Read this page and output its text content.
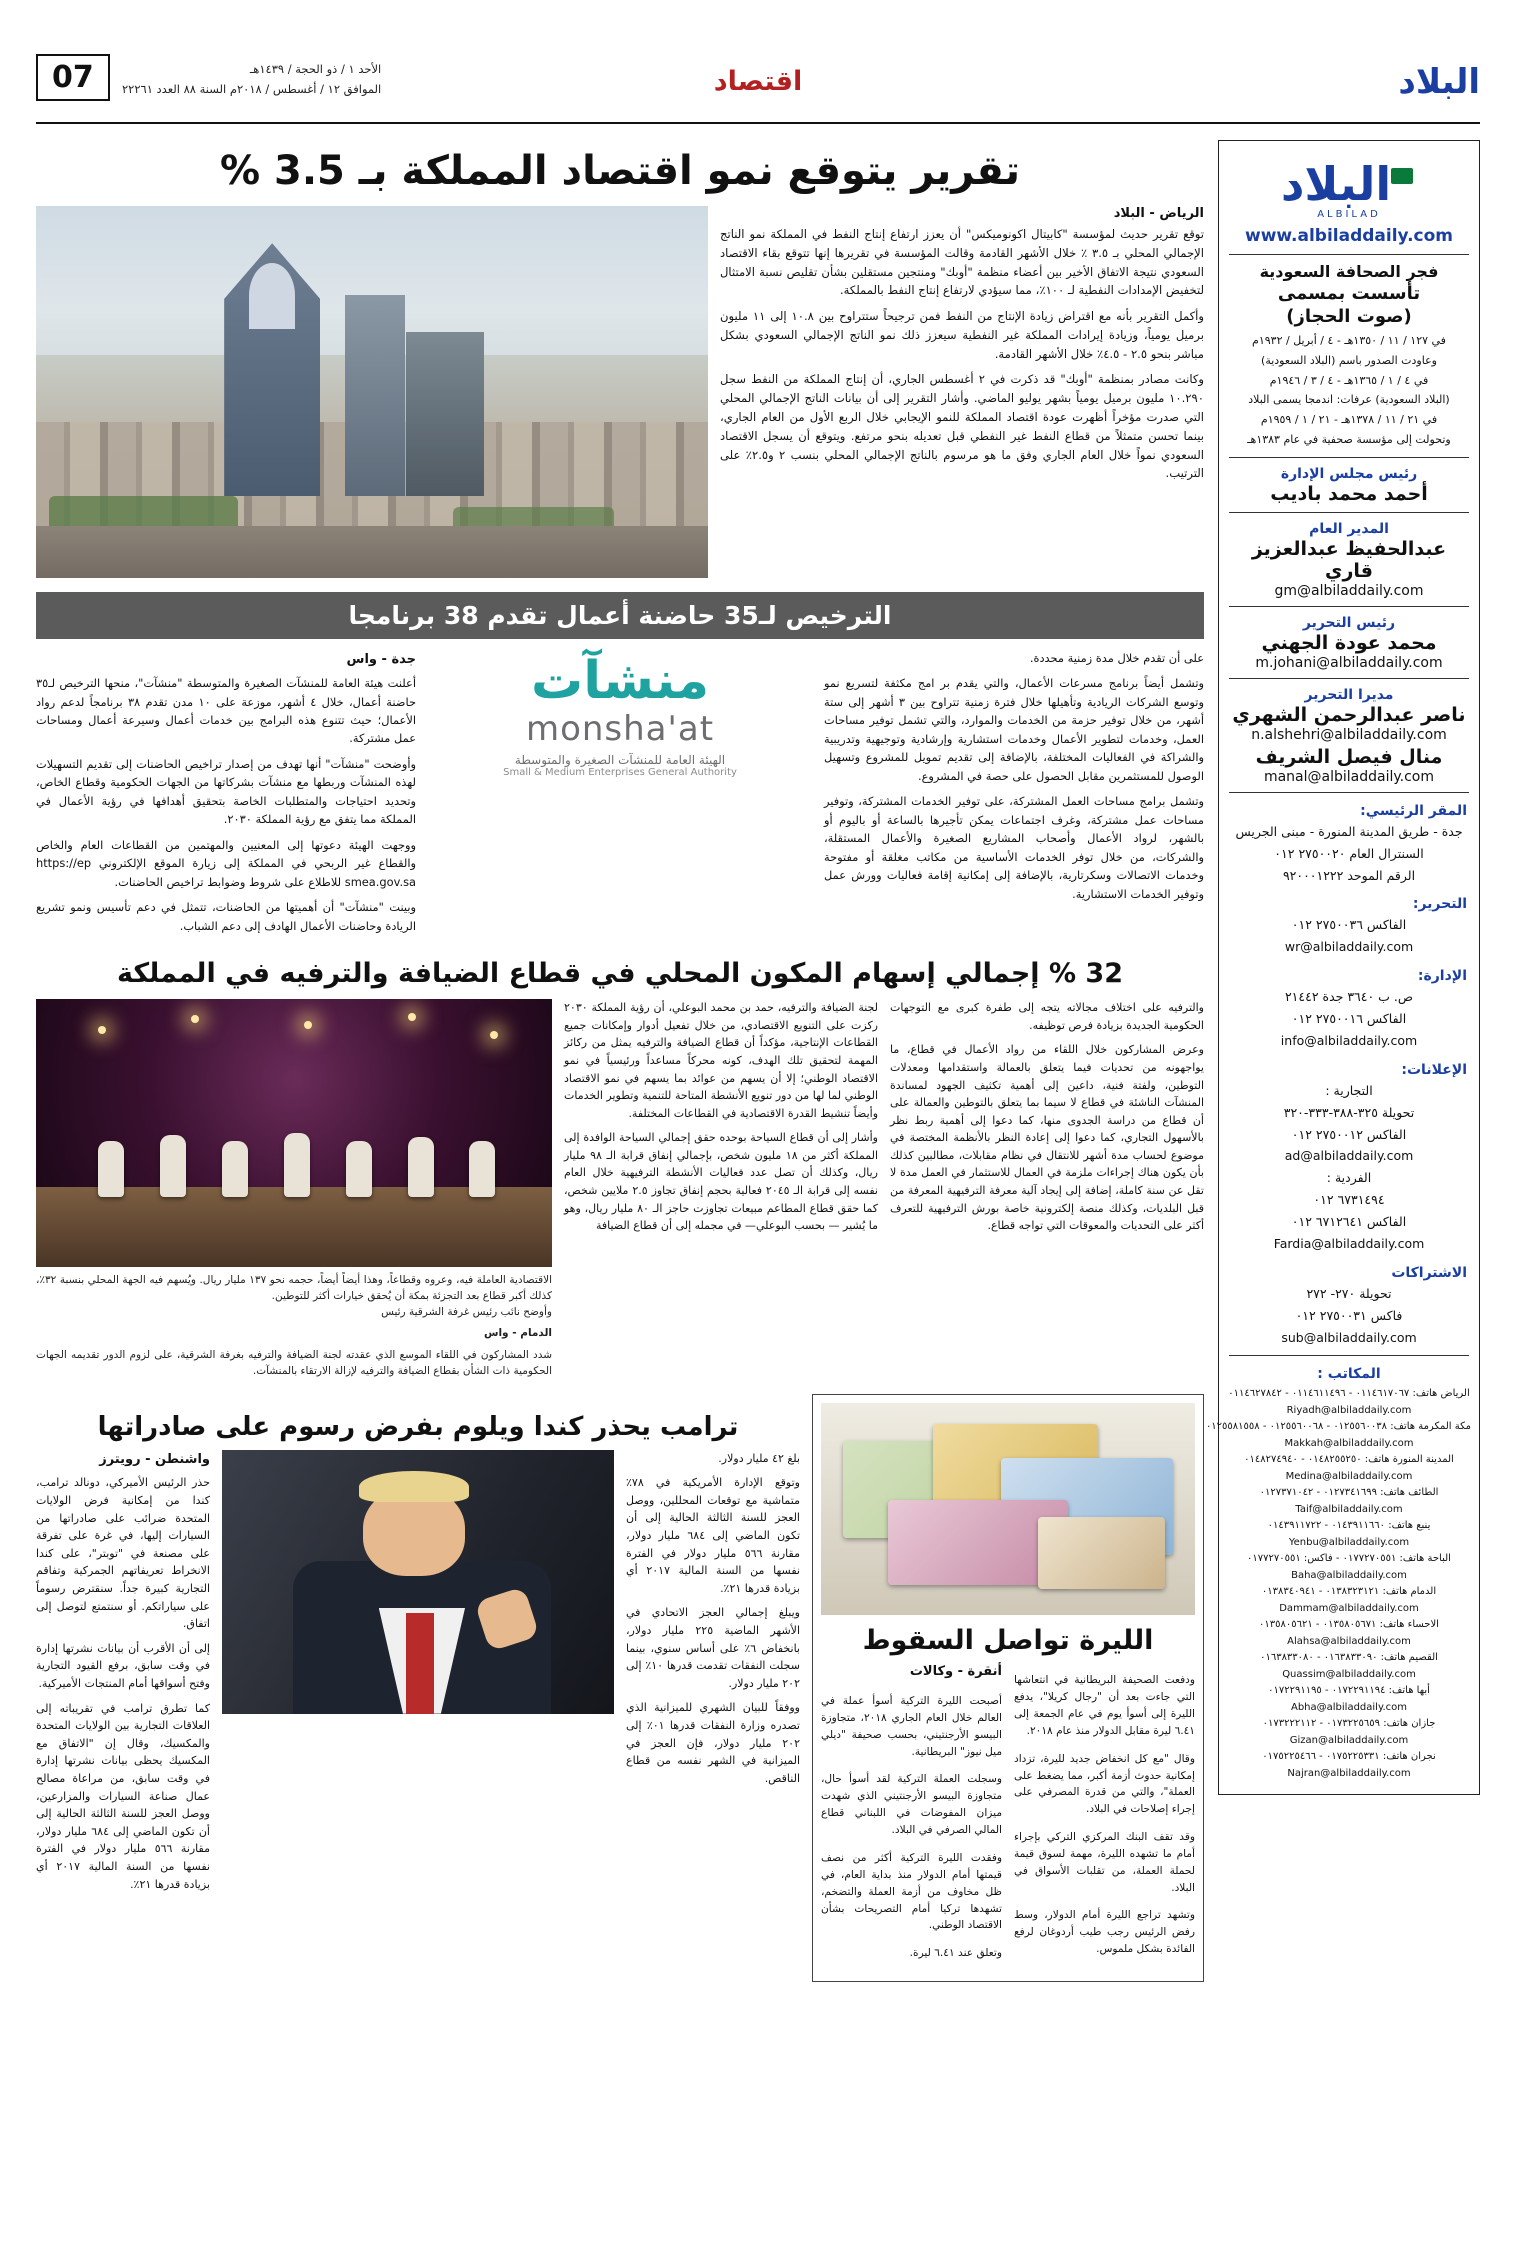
07	الأحد ١ / ذو الحجة / ١٤٣٩هـ
الموافق ١٢ / أغسطس / ٢٠١٨م السنة ٨٨ العدد ٢٢٢٦١	اقتصاد	البلاد
البلاد
ALBILAD
www.albiladdaily.com
فجر الصحافة السعودية
تأسست بمسمى
(صوت الحجاز)
في ١٢٧ / ١١ / ١٣٥٠هـ - ٤ / أبريل / ١٩٣٢م
وعاودت الصدور باسم (البلاد السعودية)
في ٤ / ١ / ١٣٦٥هـ - ٤ / ٣ / ١٩٤٦م
(البلاد السعودية) عرفات: اندمجا يسمى البلاد
في ٢١ / ١١ / ١٣٧٨هـ - ٢١ / ١ / ١٩٥٩م
وتحولت إلى مؤسسة صحفية في عام ١٣٨٣هـ
رئيس مجلس الإدارة
أحمد محمد باديب
المدير العام
عبدالحفيظ عبدالعزيز قاري
gm@albiladdaily.com
رئيس التحرير
محمد عودة الجهني
m.johani@albiladdaily.com
مديرا التحرير
ناصر عبدالرحمن الشهري
n.alshehri@albiladdaily.com
منال فيصل الشريف
manal@albiladdaily.com
المقر الرئيسي:
جدة - طريق المدينة المنورة - مبنى الجريس
السنترال العام ٢٧٥٠٠٢٠ ٠١٢
الرقم الموحد ٩٢٠٠٠١٢٢٢
التحرير:
الفاكس ٢٧٥٠٠٣٦ ٠١٢
wr@albiladdaily.com
الإدارة:
ص. ب ٣٦٤٠ جدة ٢١٤٤٢
الفاكس ٢٧٥٠٠١٦ ٠١٢
info@albiladdaily.com
الإعلانات:
التجارية :
تحويلة ٣٢٥-٣٨٨-٣٣٣-٣٢٠
الفاكس ٢٧٥٠٠١٢ ٠١٢
ad@albiladdaily.com
الفردية :
٦٧٣١٤٩٤ ٠١٢
الفاكس ٦٧١٢٦٤١ ٠١٢
Fardia@albiladdaily.com
الاشتراكات
تحويلة ٢٧٠- ٢٧٢
فاكس ٢٧٥٠٠٣١ ٠١٢
sub@albiladdaily.com
المكاتب :
الرياض هاتف: ٠١١٤٦١٧٠٦٧ - ٠١١٤٦١١٤٩٦ - ٠١١٤٦٢٧٨٤٢
Riyadh@albiladdaily.com
مكة المكرمة هاتف: ٠١٢٥٥٦٠٠٣٨ - ٠١٢٥٥٦٠٠٦٨ - ٠١٢٥٥٨١٥٥٨
Makkah@albiladdaily.com
المدينة المنورة هاتف: ٠١٤٨٢٥٥٢٥٠ - ٠١٤٨٢٧٤٩٤٠
Medina@albiladdaily.com
الطائف هاتف: ٠١٢٧٣٤١٦٩٩ - ٠١٢٧٣٧١٠٤٢
Taif@albiladdaily.com
ينبع هاتف: ٠١٤٣٩١١٦٦٠ - ٠١٤٣٩١١٧٢٢
Yenbu@albiladdaily.com
الباحة هاتف: ٠١٧٧٢٧٠٥٥١ - فاكس: ٠١٧٧٢٧٠٥٥١
Baha@albiladdaily.com
الدمام هاتف: ٠١٣٨٣٢٣١٢١ - ٠١٣٨٣٤٠٩٤١
Dammam@albiladdaily.com
الاحساء هاتف: ٠١٣٥٨٠٥٦٧١ - ٠١٣٥٨٠٥٦٢١
Alahsa@albiladdaily.com
القصيم هاتف: ٠١٦٣٨٣٣٠٩٠ - ٠١٦٣٨٣٣٠٨٠
Quassim@albiladdaily.com
أبها هاتف: ٠١٧٢٢٩١١٩٤ - ٠١٧٢٢٩١١٩٥
Abha@albiladdaily.com
جازان هاتف: ٠١٧٣٢٢٥٦٥٩ - ٠١٧٣٢٢٢١١٢
Gizan@albiladdaily.com
نجران هاتف: ٠١٧٥٢٢٥٣٣١ - ٠١٧٥٢٢٥٤٦٦
Najran@albiladdaily.com
تقرير يتوقع نمو اقتصاد المملكة بـ 3.5 %
الرياض - البلاد

توقع تقرير حديث لمؤسسة "كابيتال اكونوميكس" أن يعزز ارتفاع إنتاج النفط في المملكة نمو الناتج الإجمالي المحلي بـ ٣.٥ ٪ خلال الأشهر القادمة وقالت المؤسسة في تقريرها إنها تتوقع بقاء الاقتصاد السعودي نتيجة الاتفاق الأخير بين أعضاء منظمة "أوبك" ومنتجين مستقلين بشأن تقليص نسبة الامتثال لتخفيض الإمدادات النفطية لـ ١٠٠٪، مما سيؤدي لارتفاع إنتاج النفط بالمملكة.

وأكمل التقرير بأنه مع اقتراض زيادة الإنتاج من النفط فمن ترجيحاً ستتراوح بين ١٠.٨ إلى ١١ مليون برميل يومياً، وزيادة إيرادات المملكة غير النفطية سيعزز ذلك نمو الناتج الإجمالي السعودي بشكل مباشر بنحو ٢.٥ - ٤.٥٪ خلال الأشهر القادمة.

وكانت مصادر بمنظمة "أوبك" قد ذكرت في ٢ أغسطس الجاري، أن إنتاج المملكة من النفط سجل ١٠.٢٩٠ مليون برميل يومياً بشهر يوليو الماضي. وأشار التقرير إلى أن بيانات الناتج الإجمالي المحلي التي صدرت مؤخراً أظهرت عودة اقتصاد المملكة للنمو الإيجابي خلال الربع الأول من العام الجاري، بينما تحسن متمثلاً من قطاع النفط غير النفطي قبل تعديله بنحو مرتفع. ويتوقع أن يسجل الاقتصاد السعودي نمواً خلال العام الجاري وفق ما هو مرسوم بالناتج الإجمالي المحلي بنسب ٢ و٢.٥٪ على الترتيب.

الترخيص لـ35 حاضنة أعمال تقدم 38 برنامجا

على أن تقدم خلال مدة زمنية محددة.

وتشمل أيضاً برنامج مسرعات الأعمال، والتي يقدم بر امج مكثفة لتسريع نمو وتوسع الشركات الريادية وتأهيلها خلال فترة زمنية تتراوح بين ٣ أشهر إلى ستة أشهر، من خلال توفير حزمة من الخدمات والموارد، والتي تشمل توفير مساحات العمل، وخدمات لتطوير الأعمال وخدمات استشارية وإرشادية وتوجيهية وتدريبية والشراكة في الفعاليات المختلفة، بالإضافة إلى تقديم تمويل للمشروع وتسهيل الوصول للمستثمرين مقابل الحصول على حصة في المشروع.

وتشمل برامج مساحات العمل المشتركة، على توفير الخدمات المشتركة، وتوفير مساحات عمل مشتركة، وغرف اجتماعات يمكن تأجيرها بالساعة أو باليوم أو بالشهر، لرواد الأعمال وأصحاب المشاريع الصغيرة والأعمال المستقلة، والشركات، من خلال توفر الخدمات الأساسية من مكاتب مغلقة أو مفتوحة وخدمات الاتصالات وسكرتارية، بالإضافة إلى إمكانية إقامة فعاليات وورش عمل وتوفير الخدمات الاستشارية.

منشآت
monsha'at
الهيئة العامة للمنشآت الصغيرة والمتوسطة
Small & Medium Enterprises General Authority
جدة - واس

أعلنت هيئة العامة للمنشآت الصغيرة والمتوسطة "منشآت"، منحها الترخيص لـ٣٥ حاضنة أعمال، خلال ٤ أشهر، موزعة على ١٠ مدن تقدم ٣٨ برنامجاً لدعم رواد الأعمال؛ حيث تتنوع هذه البرامج بين خدمات أعمال وسيرعة أعمال ومساحات عمل مشتركة.

وأوضحت "منشآت" أنها تهدف من إصدار تراخيص الحاضنات إلى تقديم التسهيلات لهذه المنشآت وربطها مع منشآت بشركاتها من الجهات الحكومية وقطاع الخاص، وتحديد احتياجات والمتطلبات الخاصة بتحقيق أهدافها في رؤية الأعمال في المملكة مما يتفق مع رؤية المملكة ٢٠٣٠.

ووجهت الهيئة دعوتها إلى المعنيين والمهتمين من القطاعات العام والخاص والقطاع غير الربحي في المملكة إلى زيارة الموقع الإلكتروني https://ep smea.gov.sa للاطلاع على شروط وضوابط تراخيص الحاضنات.

وبينت "منشآت" أن أهميتها من الحاضنات، تتمثل في دعم تأسيس ونمو تشريع الريادة وحاضنات الأعمال الهادف إلى دعم الشباب.

32 % إجمالي إسهام المكون المحلي في قطاع الضيافة والترفيه في المملكة

والترفيه على اختلاف مجالاته يتجه إلى طفرة كبرى مع التوجهات الحكومية الجديدة بزيادة فرص توظيفه.

وعرض المشاركون خلال اللقاء من رواد الأعمال في قطاع، ما يواجهونه من تحديات فيما يتعلق بالعمالة واستقدامها ومعدلات التوطين، ولفتة فنية، داعين إلى أهمية تكثيف الجهود لمساندة المنشآت الناشئة في قطاع لا سيما بما يتعلق بالتوطين والعمالة على أن قطاع من دراسة الجدوى منها، كما دعوا إلى أهمية ربط نظر بالأسهول التجاري، كما دعوا إلى إعادة النظر بالأنظمة المختصة في موضوع لحساب مدة أشهر للانتقال في نظام مقابلات، مطالبين كذلك بأن يكون هناك إجراءات ملزمة في العمال للاستثمار في العمل مدة لا تقل عن سنة كاملة، إضافة إلى إيجاد آلية معرفة الترفيهية المعرفة من قبل البلديات، وكذلك منصة إلكترونية خاصة بورش الترفيهية للتعرف أكثر على التحديات والمعوقات التي تواجه قطاع.

لجنة الضيافة والترفيه، حمد بن محمد البوعلي، أن رؤية المملكة ٢٠٣٠ ركزت على التنويع الاقتصادي، من خلال تفعيل أدوار وإمكانات جميع القطاعات الإنتاجية، مؤكداً أن قطاع الضيافة والترفيه يمثل من ركائز المهمة لتحقيق تلك الهدف، كونه محركاً مساعداً ورئيسياً في نمو الاقتصاد الوطني؛ إلا أن يسهم من عوائد بما يسهم في نمو الاقتصاد الوطني لما لها من دور تنويع الأنشطة المتاحة للتنمية وتطوير الخدمات وأيضاً تنشيط القدرة الاقتصادية في القطاعات المختلفة.

وأشار إلى أن قطاع السياحة بوحده حقق إجمالي السياحة الوافدة إلى المملكة أكثر من ١٨ مليون شخص، بإجمالي إنفاق قرابة الـ ٩٨ مليار ريال، وكذلك أن تصل عدد فعاليات الأنشطة الترفيهية خلال العام نفسه إلى قرابة الـ ٢٠٤٥ فعالية بحجم إنفاق تجاوز ٢.٥ ملايين شخص، كما حقق قطاع المطاعم مبيعات تجاوزت حاجز الـ ٨٠ مليار ريال، وهو ما يُشير — بحسب البوعلي— في مجمله إلى أن قطاع الضيافة

الاقتصادية العاملة فيه، وعروه وقطاعاً، وهذا أيضاً أيضاً، حجمه نحو ١٣٧ مليار ريال. ويُسهم فيه الجهة المحلي بنسبة ٣٢٪، كذلك أكبر قطاع بعد التجزئة بمكة أن يُحقق خيارات أكثر للتوطين.
وأوضح نائب رئيس غرفة الشرقية رئيس
الدمام - واس
شدد المشاركون في اللقاء الموسع الذي عقدته لجنة الضيافة والترفيه بغرفة الشرقية، على لزوم الدور تقديمه الجهات الحكومية ذات الشأن بقطاع الضيافة والترفيه لإزالة الارتقاء بالمنشآت.
الليرة تواصل السقوط

ودفعت الصحيفة البريطانية في انتعاشها التي جاءت بعد أن "رجال كريلا"، يدفع الليرة إلى أسوأ يوم في عام الجمعة إلى ٦.٤١ ليرة مقابل الدولار منذ عام ٢٠١٨.

وقال "مع كل انخفاض جديد لليرة، تزداد إمكانية حدوث أزمة أكبر، مما يضغط على العملة"، والتي من قدرة المصرفي على إجراء إصلاحات في البلاد.

وقد تقف البنك المركزي التركي بإجراء أمام ما تشهده الليرة، مهمة لسوق قيمة لحملة العملة، من تقلبات الأسواق في البلاد.

وتشهد تراجع الليرة أمام الدولار، وسط رفض الرئيس رجب طيب أردوغان لرفع الفائدة بشكل ملموس.

أنقرة - وكالات

أصبحت الليرة التركية أسوأ عملة في العالم خلال العام الجاري ٢٠١٨، متجاوزة البيسو الأرجنتيني، بحسب صحيفة "ديلي ميل نيوز" البريطانية.

وسجلت العملة التركية لقد أسوأ حال، متجاوزة البيسو الأرجنتيني الذي شهدت ميزان المفوضات في اللبناني قطاع المالي الصرفي في البلاد.

وفقدت الليرة التركية أكثر من نصف قيمتها أمام الدولار منذ بداية العام، في ظل مخاوف من أزمة العملة والتضخم، تشهدها تركيا أمام التصريحات بشأن الاقتصاد الوطني.

وتعلق عند ٦.٤١ ليرة.

ترامب يحذر كندا ويلوم بفرض رسوم على صادراتها

بلغ ٤٢ مليار دولار.

وتوقع الإدارة الأمريكية في ٧٨٪ متماشية مع توقعات المحللين، ووصل العجز للسنة الثالثة الحالية إلى أن تكون الماضي إلى ٦٨٤ مليار دولار، مقارنة ٥٦٦ مليار دولار في الفترة نفسها من السنة المالية ٢٠١٧ أي بزيادة قدرها ٢١٪.

ويبلغ إجمالي العجز الاتحادي في الأشهر الماضية ٢٢٥ مليار دولار، بانخفاض ٦٪ على أساس سنوي، بينما سجلت النفقات تقدمت قدرها ١٠٪ إلى ٢٠٢ مليار دولار.

ووفقاً للبيان الشهري للميزانية الذي تصدره وزارة النفقات قدرها ٠١٪ إلى ٢٠٢ مليار دولار، فإن العجز في الميزانية في الشهر نفسه من قطاع الناقص.

واشنطن - رويترز

حذر الرئيس الأميركي، دونالد ترامب، كندا من إمكانية فرض الولايات المتحدة ضرائب على صادراتها من السيارات إليها، في غرة على تفرقة على مصنعة في "توبتر"، على كندا الانخراط تعريفاتهم الجمركية وتفاقم التجارية كبيرة جداً. سنقترض رسوماً على سياراتكم. أو سنتمتع لتوصل إلى اتفاق.

إلى أن الأقرب أن بيانات نشرتها إدارة في وقت سابق، برفع القيود التجارية وفتح أسواقها أمام المنتجات الأميركية.

كما تطرق ترامب في تقريباته إلى العلاقات التجارية بين الولايات المتحدة والمكسيك، وقال إن "الاتفاق مع المكسيك يحظى بيانات نشرتها إدارة في وقت سابق، من مراعاة مصالح عمال صناعة السيارات والمزارعين، ووصل العجز للسنة الثالثة الحالية إلى أن تكون الماضي إلى ٦٨٤ مليار دولار، مقارنة ٥٦٦ مليار دولار في الفترة نفسها من السنة المالية ٢٠١٧ أي بزيادة قدرها ٢١٪.
